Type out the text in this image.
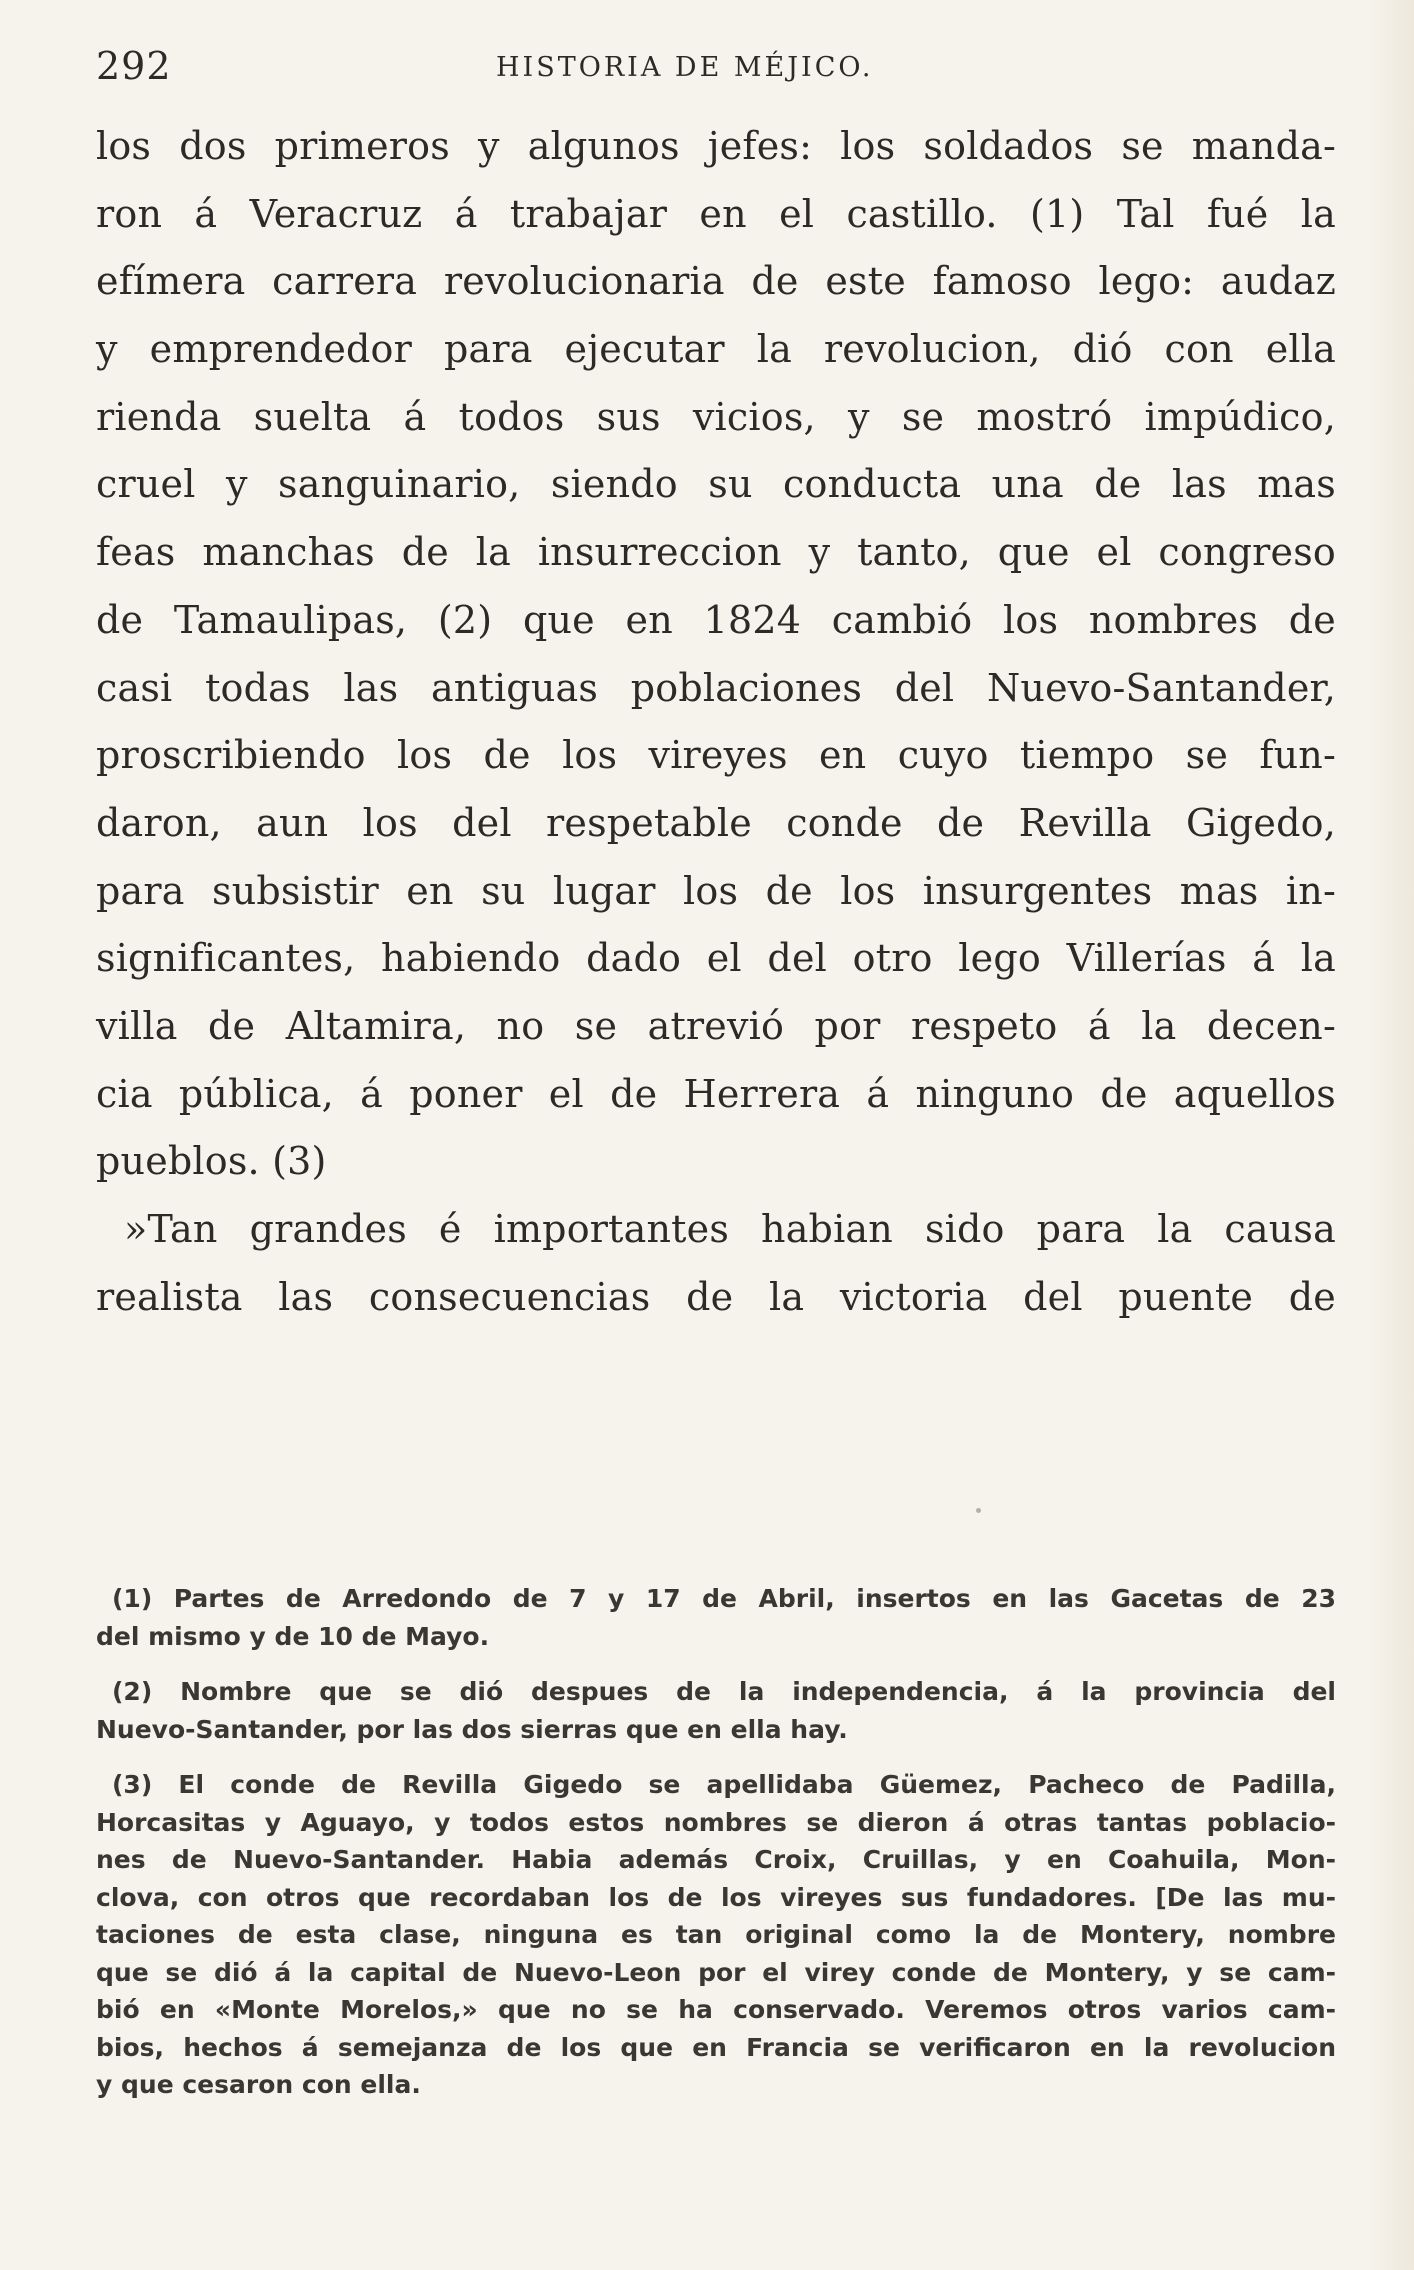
292	HISTORIA DE MÉJICO.
los dos primeros y algunos jefes: los soldados se manda-
ron á Veracruz á trabajar en el castillo. (1) Tal fué la
efímera carrera revolucionaria de este famoso lego: audaz
y emprendedor para ejecutar la revolucion, dió con ella
rienda suelta á todos sus vicios, y se mostró impúdico,
cruel y sanguinario, siendo su conducta una de las mas
feas manchas de la insurreccion y tanto, que el congreso
de Tamaulipas, (2) que en 1824 cambió los nombres de
casi todas las antiguas poblaciones del Nuevo-Santander,
proscribiendo los de los vireyes en cuyo tiempo se fun-
daron, aun los del respetable conde de Revilla Gigedo,
para subsistir en su lugar los de los insurgentes mas in-
significantes, habiendo dado el del otro lego Villerías á la
villa de Altamira, no se atrevió por respeto á la decen-
cia pública, á poner el de Herrera á ninguno de aquellos
pueblos. (3)
»Tan grandes é importantes habian sido para la causa
realista las consecuencias de la victoria del puente de
(1) Partes de Arredondo de 7 y 17 de Abril, insertos en las Gacetas de 23
del mismo y de 10 de Mayo.
(2) Nombre que se dió despues de la independencia, á la provincia del
Nuevo-Santander, por las dos sierras que en ella hay.
(3) El conde de Revilla Gigedo se apellidaba Güemez, Pacheco de Padilla,
Horcasitas y Aguayo, y todos estos nombres se dieron á otras tantas poblacio-
nes de Nuevo-Santander. Habia además Croix, Cruillas, y en Coahuila, Mon-
clova, con otros que recordaban los de los vireyes sus fundadores. [De las mu-
taciones de esta clase, ninguna es tan original como la de Montery, nombre
que se dió á la capital de Nuevo-Leon por el virey conde de Montery, y se cam-
bió en «Monte Morelos,» que no se ha conservado. Veremos otros varios cam-
bios, hechos á semejanza de los que en Francia se verificaron en la revolucion
y que cesaron con ella.
